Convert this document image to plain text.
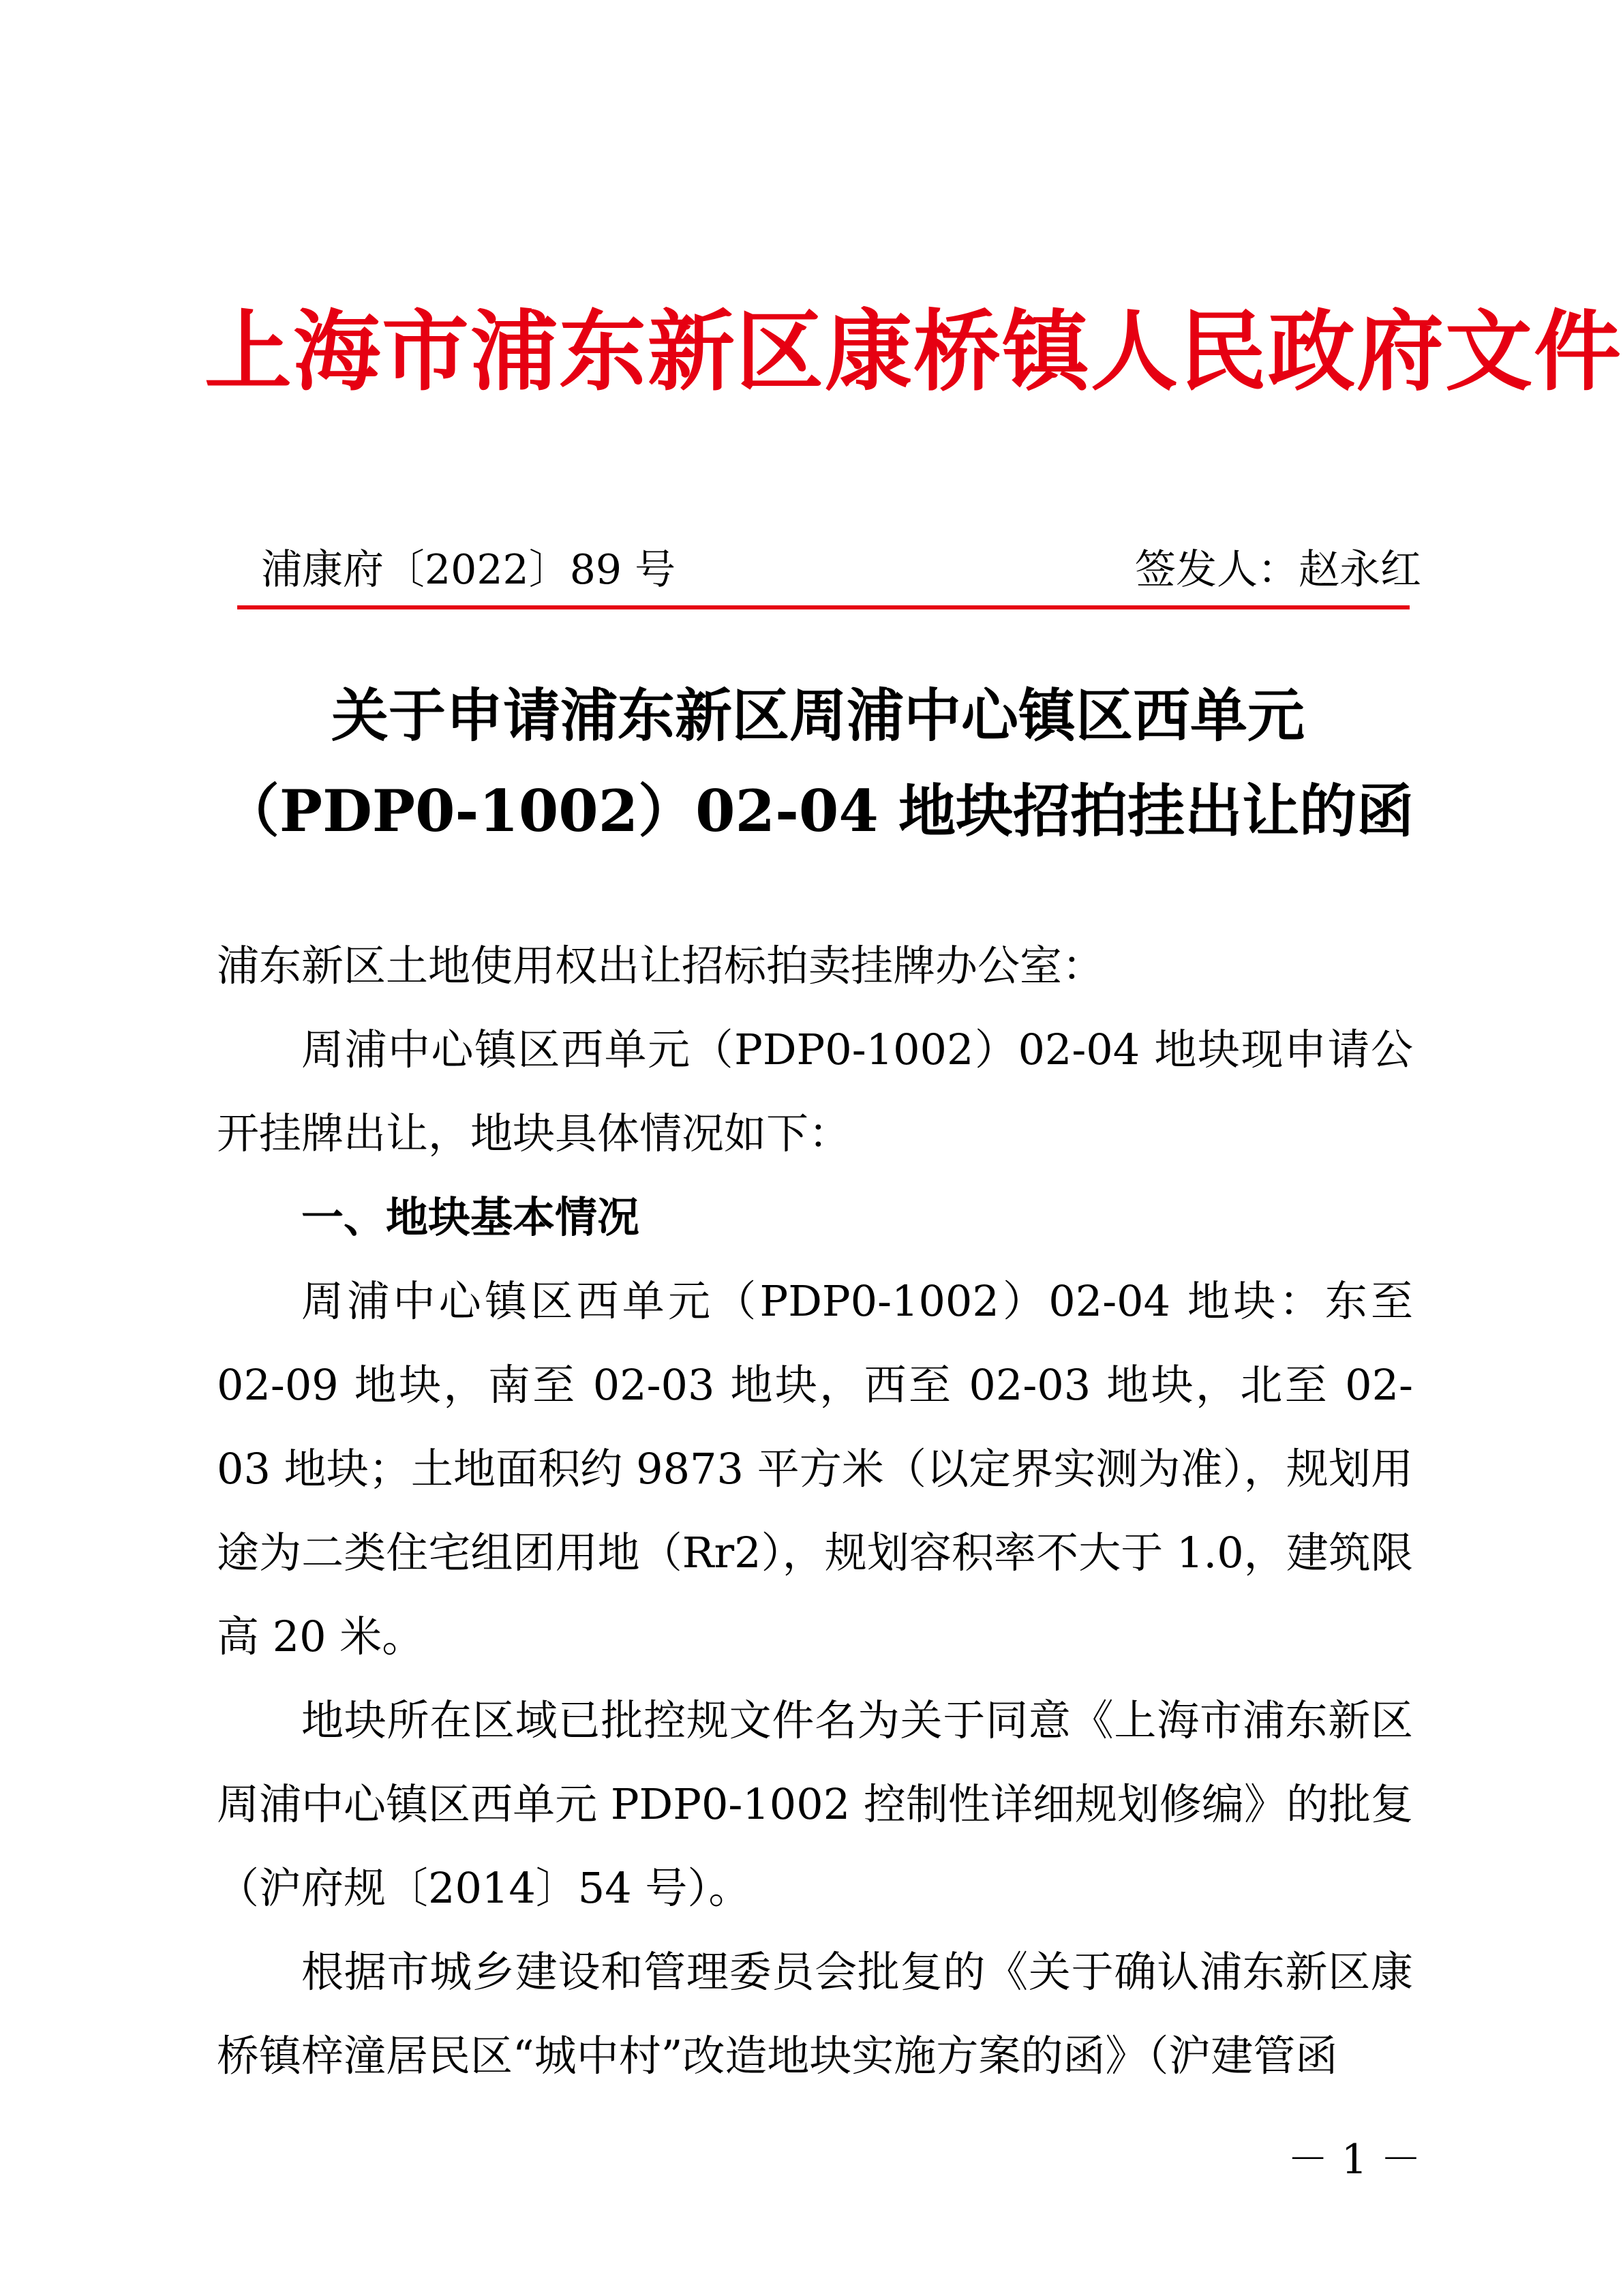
上海市浦东新区康桥镇人民政府文件
浦康府〔2022〕89 号	签发人：赵永红
关于申请浦东新区周浦中心镇区西单元
（PDP0-1002）02-04 地块招拍挂出让的函

浦东新区土地使用权出让招标拍卖挂牌办公室：

周浦中心镇区西单元（PDP0-1002）02-04 地块现申请公开挂牌出让，地块具体情况如下：

一、地块基本情况

周浦中心镇区西单元（PDP0-1002）02-04 地块：东至 02-09 地块，南至 02-03 地块，西至 02-03 地块，北至 02-03 地块；土地面积约 9873 平方米（以定界实测为准），规划用途为二类住宅组团用地（Rr2），规划容积率不大于 1.0，建筑限高 20 米。

地块所在区域已批控规文件名为关于同意《上海市浦东新区周浦中心镇区西单元 PDP0-1002 控制性详细规划修编》的批复（沪府规〔2014〕54 号）。

根据市城乡建设和管理委员会批复的《关于确认浦东新区康桥镇梓潼居民区“城中村”改造地块实施方案的函》（沪建管函

－ 1 －
